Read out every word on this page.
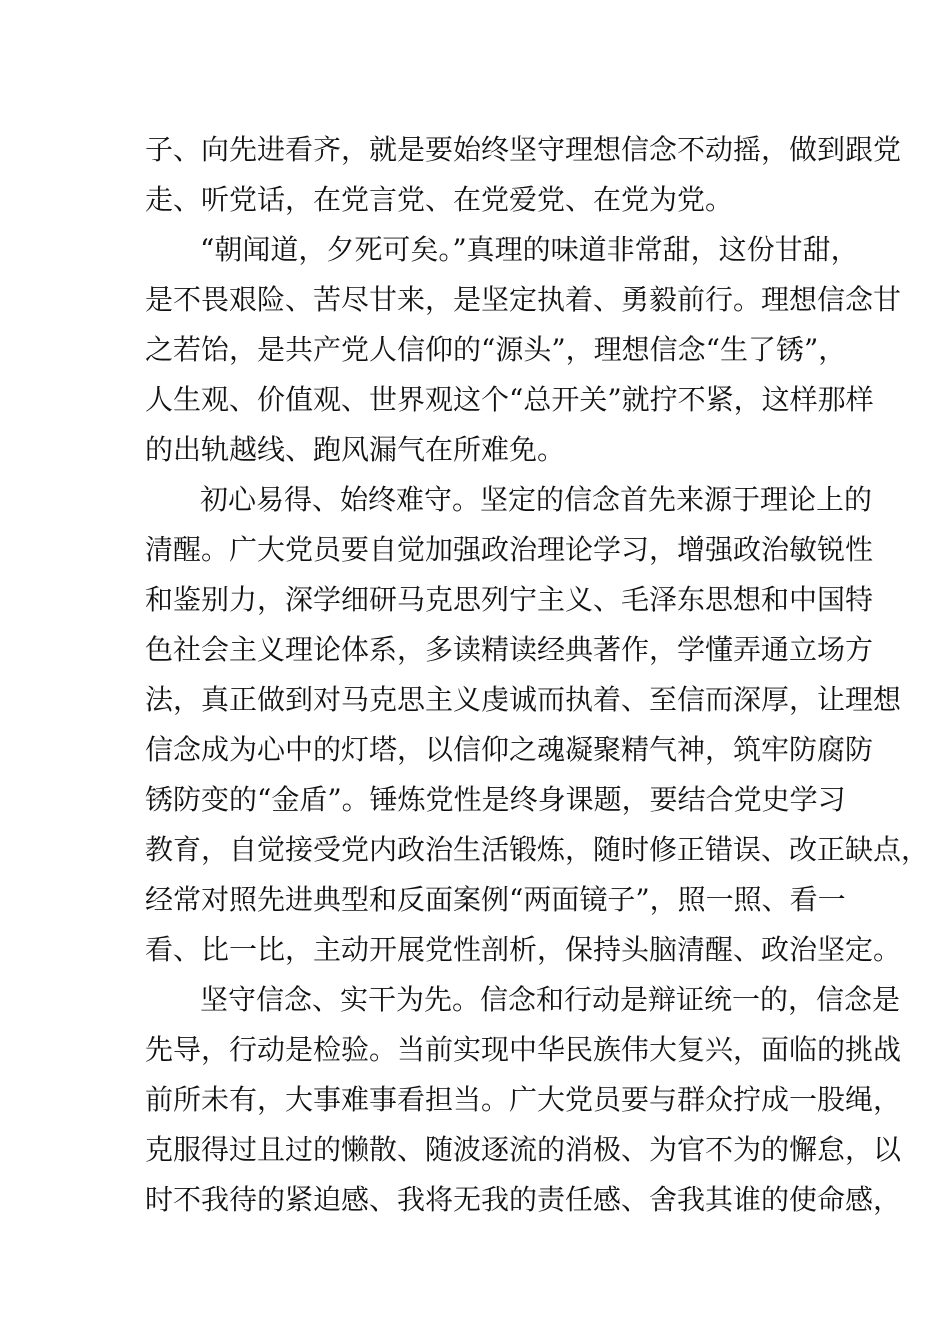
子、向先进看齐，就是要始终坚守理想信念不动摇，做到跟党
走、听党话，在党言党、在党爱党、在党为党。
“朝闻道，夕死可矣。”真理的味道非常甜，这份甘甜，
是不畏艰险、苦尽甘来，是坚定执着、勇毅前行。理想信念甘
之若饴，是共产党人信仰的“源头”，理想信念“生了锈”，
人生观、价值观、世界观这个“总开关”就拧不紧，这样那样
的出轨越线、跑风漏气在所难免。
初心易得、始终难守。坚定的信念首先来源于理论上的
清醒。广大党员要自觉加强政治理论学习，增强政治敏锐性
和鉴别力，深学细研马克思列宁主义、毛泽东思想和中国特
色社会主义理论体系，多读精读经典著作，学懂弄通立场方
法，真正做到对马克思主义虔诚而执着、至信而深厚，让理想
信念成为心中的灯塔，以信仰之魂凝聚精气神，筑牢防腐防
锈防变的“金盾”。锤炼党性是终身课题，要结合党史学习
教育，自觉接受党内政治生活锻炼，随时修正错误、改正缺点，
经常对照先进典型和反面案例“两面镜子”，照一照、看一
看、比一比，主动开展党性剖析，保持头脑清醒、政治坚定。
坚守信念、实干为先。信念和行动是辩证统一的，信念是
先导，行动是检验。当前实现中华民族伟大复兴，面临的挑战
前所未有，大事难事看担当。广大党员要与群众拧成一股绳，
克服得过且过的懒散、随波逐流的消极、为官不为的懈怠，以
时不我待的紧迫感、我将无我的责任感、舍我其谁的使命感，
